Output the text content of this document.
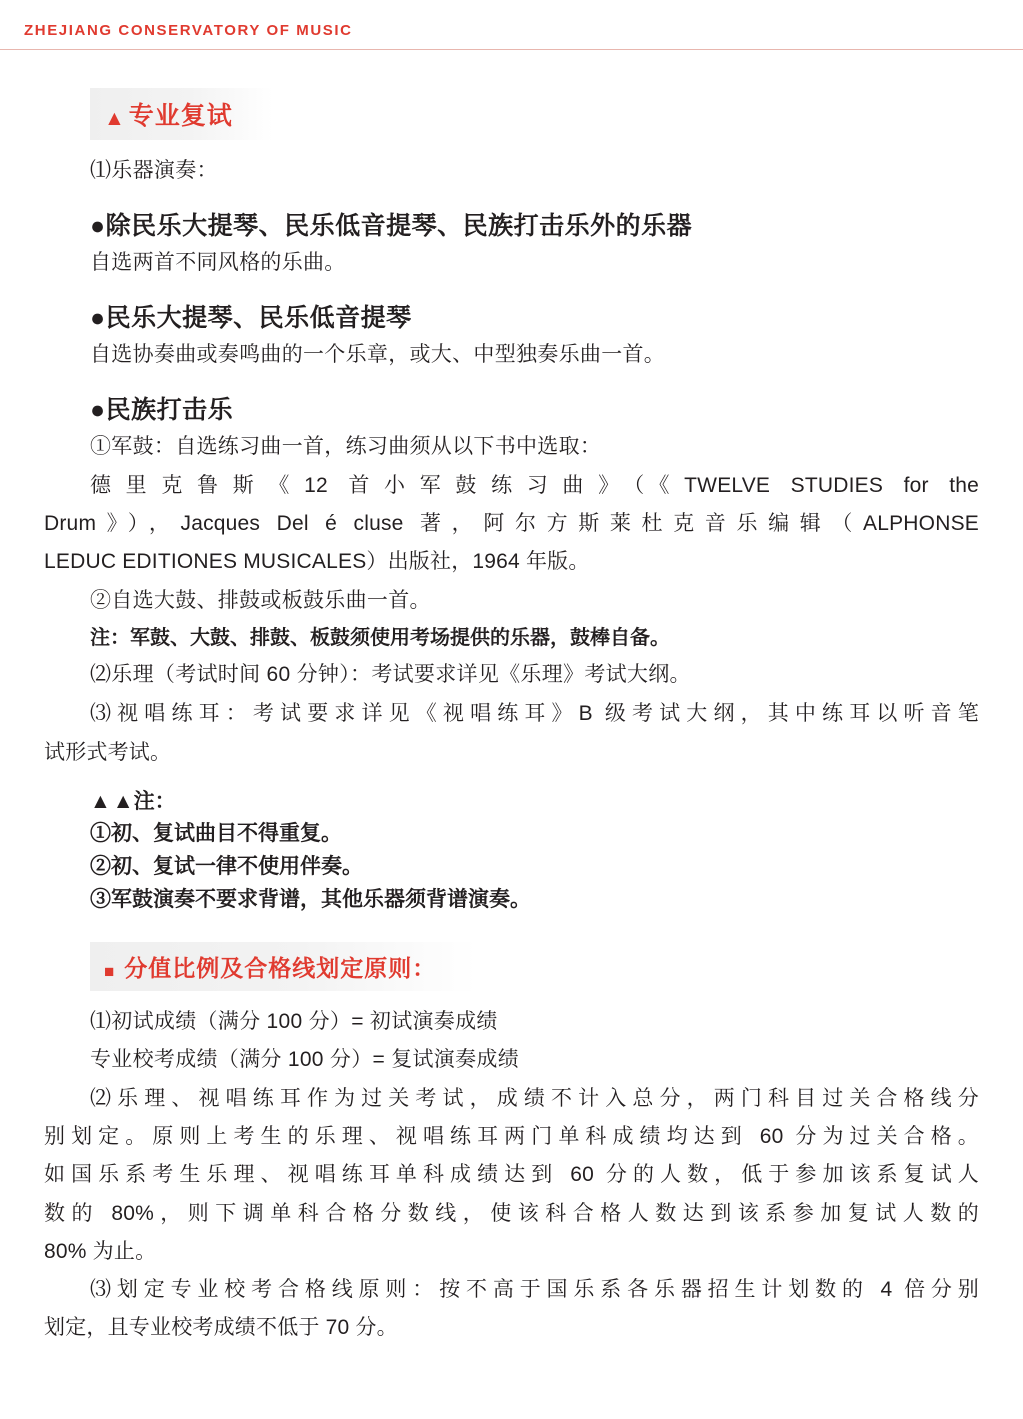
ZHEJIANG CONSERVATORY OF MUSIC
▲ 专业复试
⑴乐器演奏：
●除民乐大提琴、民乐低音提琴、民族打击乐外的乐器
自选两首不同风格的乐曲。
●民乐大提琴、民乐低音提琴
自选协奏曲或奏鸣曲的一个乐章，或大、中型独奏乐曲一首。
●民族打击乐
①军鼓：自选练习曲一首，练习曲须从以下书中选取：
德里克鲁斯《12 首小军鼓练习曲》（《TWELVE STUDIES for the
Drum》），Jacques Del é cluse 著，阿尔方斯莱杜克音乐编辑（ALPHONSE
LEDUC EDITIONES MUSICALES）出版社，1964 年版。
②自选大鼓、排鼓或板鼓乐曲一首。
注：军鼓、大鼓、排鼓、板鼓须使用考场提供的乐器，鼓棒自备。
⑵乐理（考试时间 60 分钟）：考试要求详见《乐理》考试大纲。
⑶视唱练耳：考试要求详见《视唱练耳》B 级考试大纲，其中练耳以听音笔
试形式考试。
▲▲注：
①初、复试曲目不得重复。
②初、复试一律不使用伴奏。
③军鼓演奏不要求背谱，其他乐器须背谱演奏。
■ 分值比例及合格线划定原则：
⑴初试成绩（满分 100 分）= 初试演奏成绩
专业校考成绩（满分 100 分）= 复试演奏成绩
⑵乐理、视唱练耳作为过关考试，成绩不计入总分，两门科目过关合格线分
别划定。原则上考生的乐理、视唱练耳两门单科成绩均达到 60 分为过关合格。
如国乐系考生乐理、视唱练耳单科成绩达到 60 分的人数，低于参加该系复试人
数的 80%，则下调单科合格分数线，使该科合格人数达到该系参加复试人数的
80% 为止。
⑶划定专业校考合格线原则：按不高于国乐系各乐器招生计划数的 4 倍分别
划定，且专业校考成绩不低于 70 分。
